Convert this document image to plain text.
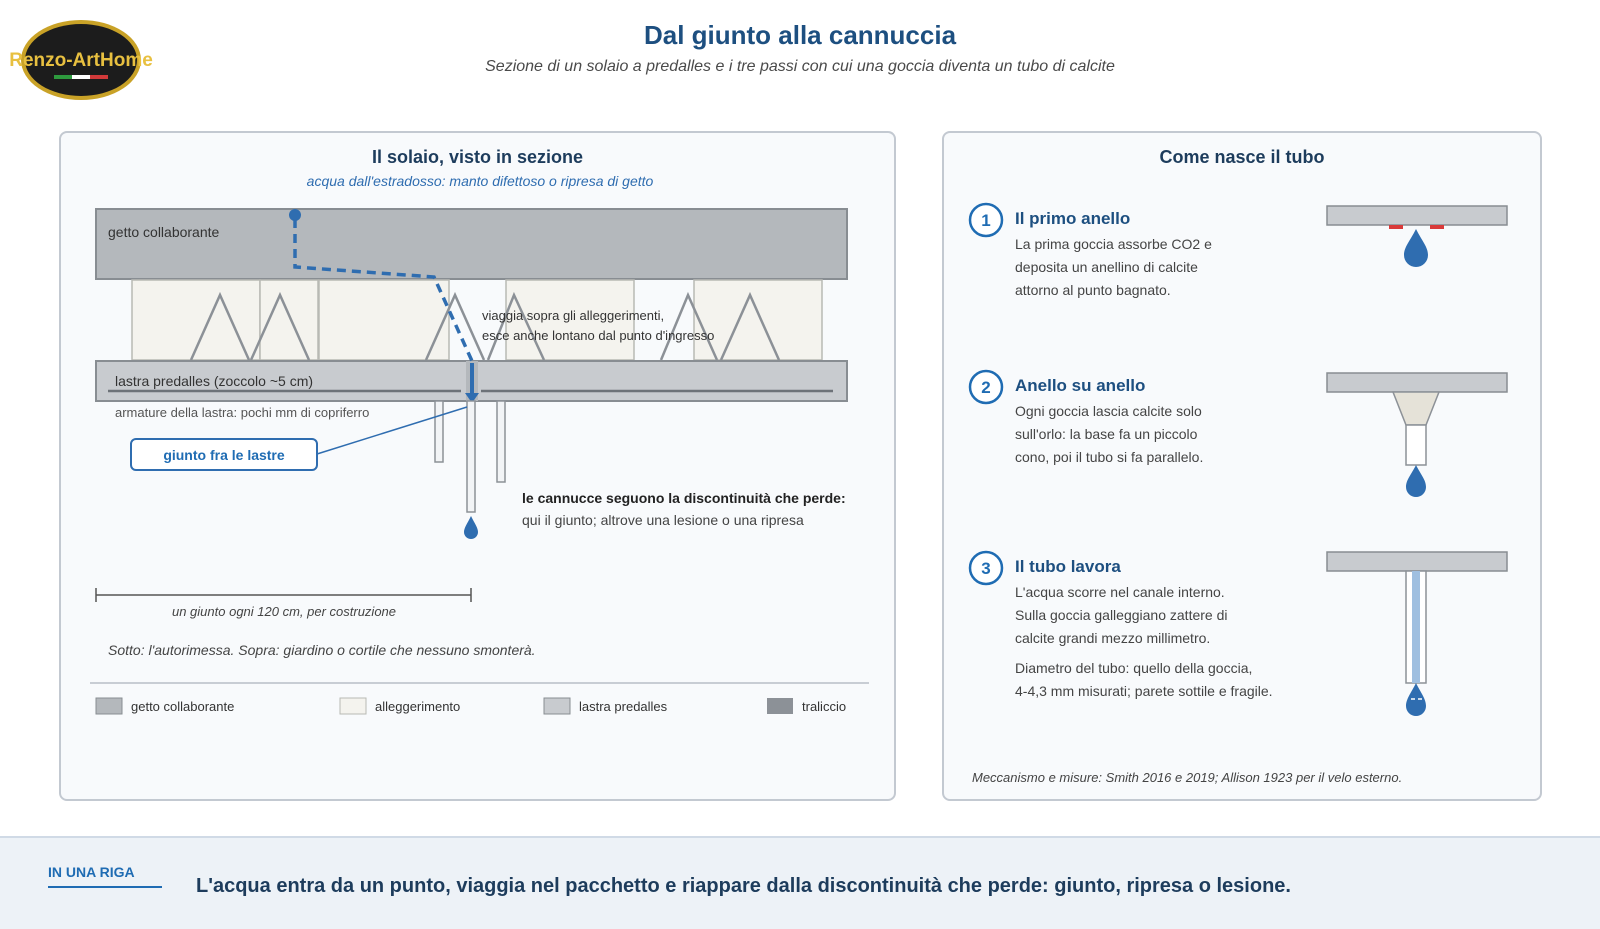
Renzo-ArtHome
Dal giunto alla cannuccia
Sezione di un solaio a predalles e i tre passi con cui una goccia diventa un tubo di calcite
Il solaio, visto in sezione
acqua dall'estradosso: manto difettoso o ripresa di getto
getto collaborante
lastra predalles (zoccolo ~5 cm)
viaggia sopra gli alleggerimenti,
esce anche lontano dal punto d'ingresso
armature della lastra: pochi mm di copriferro
giunto fra le lastre
le cannucce seguono la discontinuità che perde:
qui il giunto; altrove una lesione o una ripresa
un giunto ogni 120 cm, per costruzione
Sotto: l'autorimessa. Sopra: giardino o cortile che nessuno smonterà.
getto collaborante	alleggerimento	lastra predalles	traliccio
Come nasce il tubo
1
2
3
Il primo anello
La prima goccia assorbe CO2 e
deposita un anellino di calcite
attorno al punto bagnato.
Anello su anello
Ogni goccia lascia calcite solo
sull'orlo: la base fa un piccolo
cono, poi il tubo si fa parallelo.
Il tubo lavora
L'acqua scorre nel canale interno.
Sulla goccia galleggiano zattere di
calcite grandi mezzo millimetro.
Diametro del tubo: quello della goccia,
4-4,3 mm misurati; parete sottile e fragile.
Meccanismo e misure: Smith 2016 e 2019; Allison 1923 per il velo esterno.
IN UNA RIGA
L'acqua entra da un punto, viaggia nel pacchetto e riappare dalla discontinuità che perde: giunto, ripresa o lesione.
